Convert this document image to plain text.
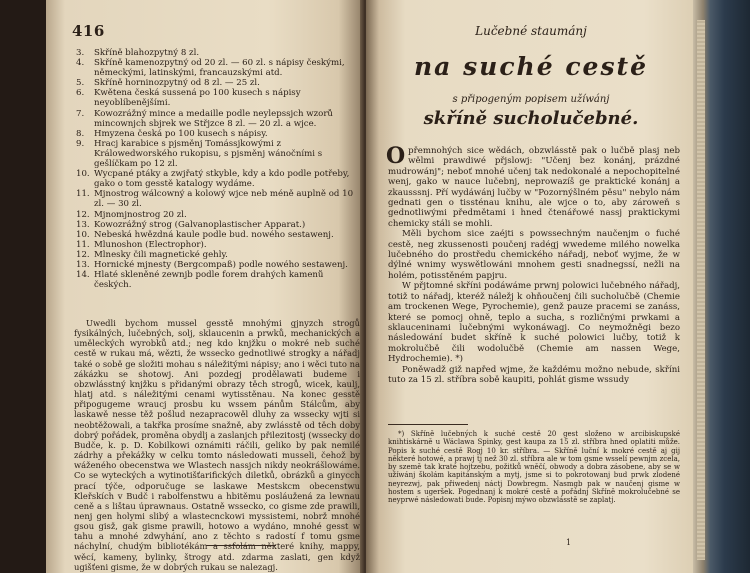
416
3.	Skříně blahozpytný 8 zl.
4.	Skříně kamenozpytný od 20 zl. — 60 zl. s nápisy českými, německými, latinskými, francauzskými atd.
5.	Skříně horninozpytný od 8 zl. — 25 zl.
6.	Kwětena česká sussená po 100 kusech s nápisy neyoblíbenějšími.
7.	Kowozrážný mince a medaille podle neylepssjch wzorů mincownjch sbjrek we Střjzce 8 zl. — 20 zl. a wjce.
8.	Hmyzena česká po 100 kusech s nápisy.
9.	Hracj karabice s pjsměnj Tomássjkowými z Králowedworského rukopisu, s pjsměnj wánočními s gešlíčkam po 12 zl.
10. Wycpané ptáky a zwjřatý stkyble, kdy a kdo podle potřeby, gako o tom gesstě katalogy wydáme.
11. Mjnostrog wálcowný a kolowý wjce neb méně auplně od 10 zl. — 30 zl.
12. Mjnomjnostrog 20 zl.
13. Kowozrážný strog (Galvanoplastischer Apparat.)
10. Nebeská hwězdná kaule podle bud. nowého sestawenj.
11. Mlunoshon (Electrophor).
12. Mlnesky čili magnetické gehly.
13. Hornické mjnesty (Bergcompaß) podle nowého sestawenj.
14. Hlaté skleněné zewnjb podle forem drahých kamenů českých.
Uwedli bychom mussel gesstě mnohými gjnyzch strogů fysikálných, lučebných, solj, sklaucenin a prwků, mechanických a uměleckých wyrobků atd.; neg kdo knjžku o mokré neb suché cestě w rukau má, wězti, že wssecko gednotliwé strogky a nářadj také o sobě ge složiti mohau s náležitými nápisy; ano i wěci tuto na zákázku se shotowj. Ani pozdegj prodělawati budeme i obzwlásstný knjžku s přidanými obrazy těch strogů, wicek, kaulj, hlatj atd. s náležitými cenami wytisstěnau. Na konec gesstě připogugeme wraucj prosbu ku wssem pánům Stálcům, aby laskawě nesse těž pošlud nezapracowěl dluhy za wssecky wjti si neobtěžowali, a takřka prosíme snažně, aby zwlásstě od těch doby dobrý pořádek, proměna obydlj a zaslanjch přilezitostj (wssecky do Budče, k. p. D. Kobilkowi oznámiti ráčili, geliko by pak nemilé zádrhy a překážky w celku tomto následowati musseli, čehož by wáženého obecenstwa we Wlastech nassjch nikdy neokrášlowáme. Co se wyteckých a wytinotišťarifických diletků, obrázků a ginycch prací týče, odporučuge se laskawe Mestskcm obecenstwu Kleřskích v Budč i rabolfenstwu a hbitěmu posláužená za lewnau ceně a s lištau úprawnaus. Ostatně wssecko, co gisme zde prawili, nenj gen holymi slibý a wlastecnckowi myssistemi, nobrž mnohé gsou gisž, gak gisme prawili, hotowo a wydáno, mnohé gesst w tahu a mnohé zdwyhání, ano z těchto s radostí f tomu gsme náchylní, chudým bibliotékám a ssfolám některé knihy, mappy, wěcí, kameny, bylinky, štrogy atd. zdarma zaslati, gen když ugišťeni gisme, že w dobrých rukau se nalezagj.
Lučebné staumánj
na suché cestě
s připogeným popisem užíwánj
skříně sucholučebné.

Opřemnohých sice wědách, obzwlásstě pak o lučbě plasj neb wělmi prawdiwé přjslowj: "Učenj bez konánj, prázdné mudrowánj"; neboť mnohé učenj tak nedokonalé a nepochopitelné wenj, gako w nauce lučebnj, neprowazíš ge praktické konánj a zkausssnj. Pří wydáwánj lučby w "Pozornýšlném pěsu" nebylo nám gednati gen o tissténau knihu, ale wjce o to, aby zároweň s gednotliwými předmětami i hned čtenářowé nassj praktickymi chemicky stáli se mohli.

Měli bychom sice zaéjti s powssechným naučenjm o fuché cestě, neg zkussenosti poučenj radégj wwedeme milého nowelka lučebného do prostředu chemického nářadj, neboť wyjme, že w dýlné wnimy wyswětlowáni mnohem gesti snadnegssí, nežli na holém, potisstěném papjru.

W přjtomné skříni podáwáme prwnj polowici lučebného nářadj, totiž to nářadj, kteréž náležj k ohňoučenj čili sucholučbě (Chemie am trockenen Wege, Pyrochemie), genž pauze pracemi se zanáss, které se pomocj ohně, teplo a sucha, s rozličnými prwkami a sklauceninami lučebnými wykonáwagj. Co neymožněgi bezo následowání budet skříně k suché polowici lučby, totiž k mokrolučbě čili wodolučbě (Chemie am nassen Wege, Hydrochemie). *)

Poněwadž giž napřed wjme, že každému možno nebude, skříni tuto za 15 zl. stříbra sobě kaupiti, pohlát gisme wssudy

*) Skříně lučebných k suché cestě 20 gest složeno w arcibiskupské knihtiskárně u Wáclawa Spinky, gest kaupa za 15 zl. stříbra hned oplatiti může. Popis k suché cestě Rogj 10 kr. stříbra. — Skříně luční k mokré cestě aj gij některé hotowé, a prawj tj než 30 zl. stříbra ale w tom gsme wsselí pewnjm zcela, by szemě tak kraté hojtzebu, požitků wněčí, obwody a dobra zásobene, aby se w užíwánj školám kapitánským a mytj, jsme si to pokrotowanj bud prwk zlodené neyrezwj, pak přiwedenj náctj Dowbregm. Nasmgb pak w naučenj gisme w hostem s ugeršek. Pogednanj k mokré cestě a pořádnj Skříně mokrolučebné se neyprwé následowati bude. Popisnj mýwo obzwlásstě se zaplatj.
1
